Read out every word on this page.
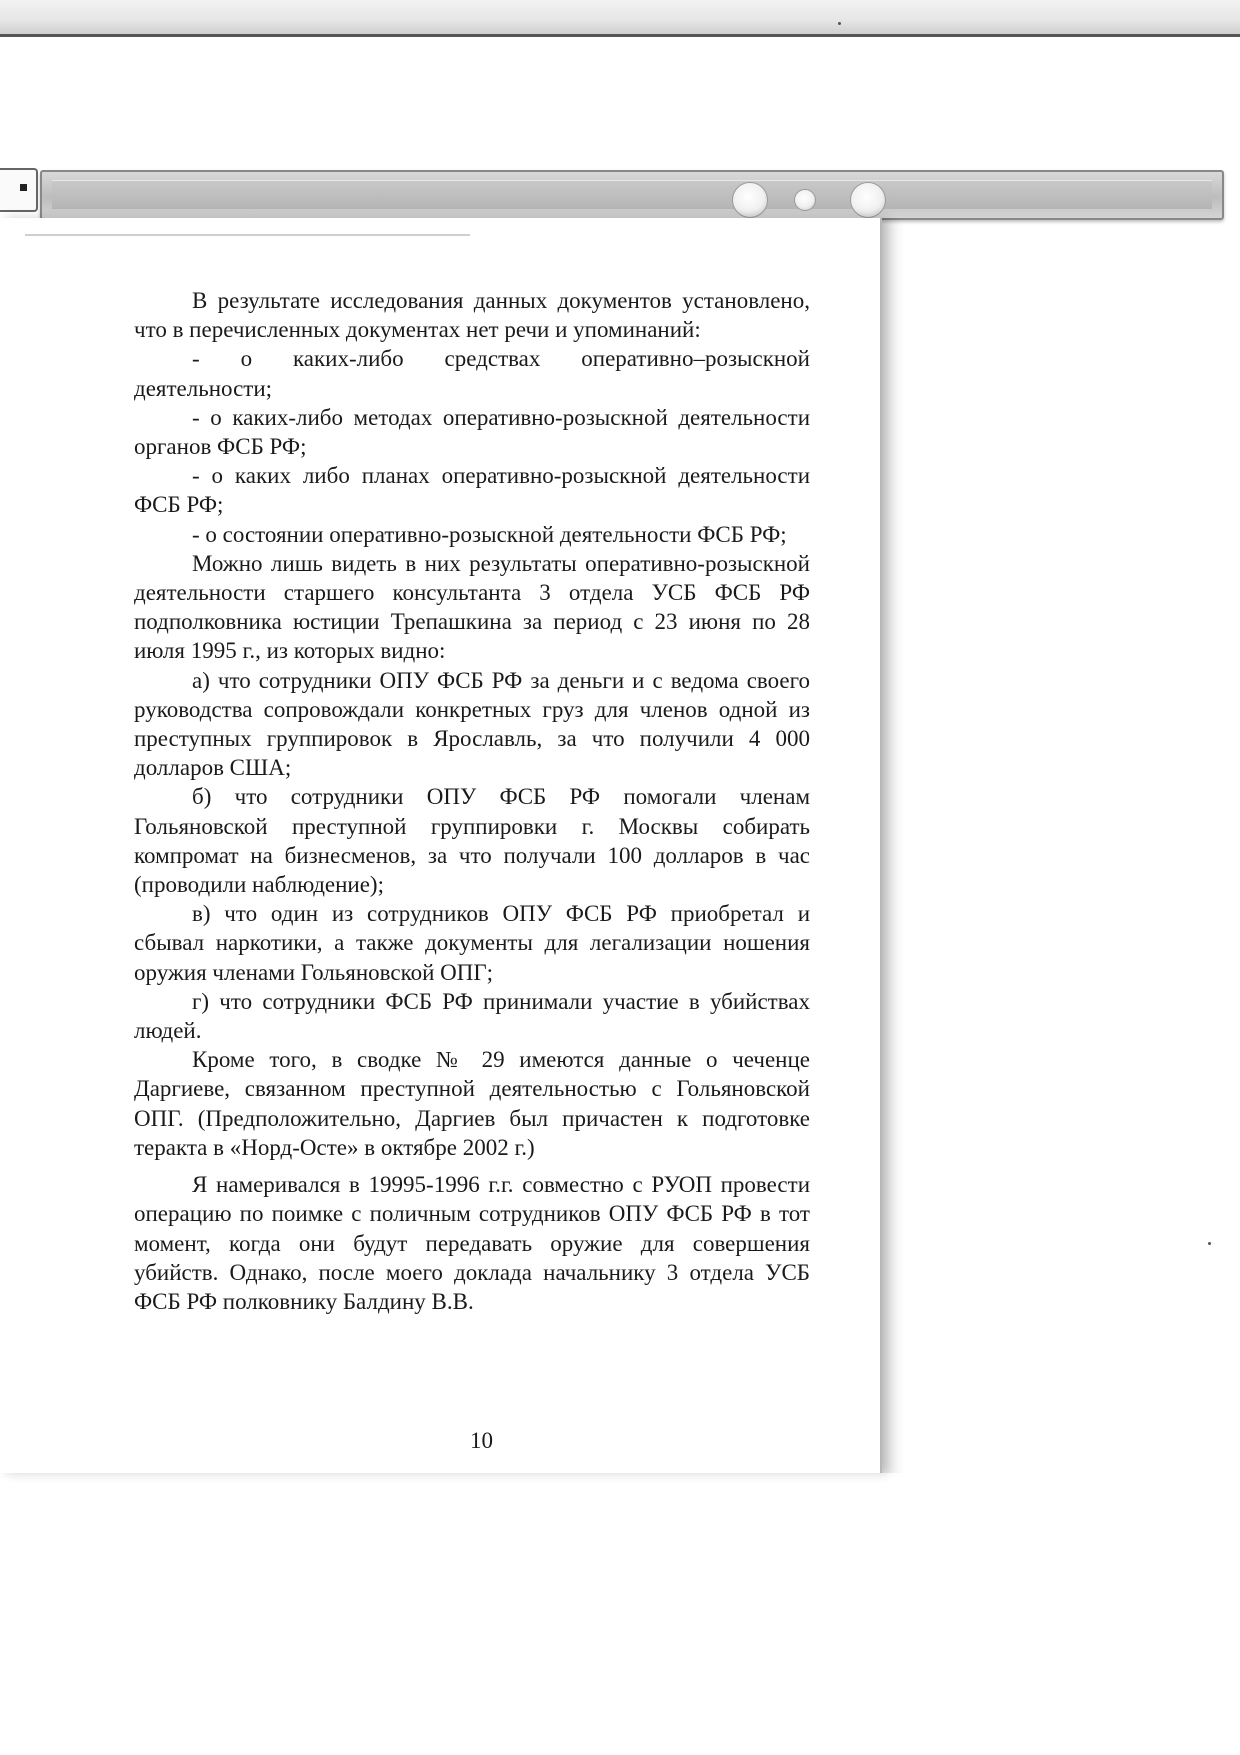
В результате исследования данных документов установлено, что в перечисленных документах нет речи и упоминаний:

- о каких-либо средствах оперативно–розыскной деятельности;

- о каких-либо методах оперативно-розыскной деятельности органов ФСБ РФ;

- о каких либо планах оперативно-розыскной деятельности ФСБ РФ;

- о состоянии оперативно-розыскной деятельности ФСБ РФ;

Можно лишь видеть в них результаты оперативно-розыскной деятельности старшего консультанта 3 отдела УСБ ФСБ РФ подполковника юстиции Трепашкина за период с 23 июня по 28 июля 1995 г., из которых видно:

а) что сотрудники ОПУ ФСБ РФ за деньги и с ведома своего руководства сопровождали конкретных груз для членов одной из преступных группировок в Ярославль, за что получили 4 000 долларов США;

б) что сотрудники ОПУ ФСБ РФ помогали членам Гольяновской преступной группировки г. Москвы собирать компромат на бизнесменов, за что получали 100 долларов в час (проводили наблюдение);

в) что один из сотрудников ОПУ ФСБ РФ приобретал и сбывал наркотики, а также документы для легализации ношения оружия членами Гольяновской ОПГ;

г) что сотрудники ФСБ РФ принимали участие в убийствах людей.

Кроме того, в сводке № 29 имеются данные о чеченце Даргиеве, связанном преступной деятельностью с Гольяновской ОПГ. (Предположительно, Даргиев был причастен к подготовке теракта в «Норд-Осте» в октябре 2002 г.)

Я намеривался в 19995-1996 г.г. совместно с РУОП провести операцию по поимке с поличным сотрудников ОПУ ФСБ РФ в тот момент, когда они будут передавать оружие для совершения убийств. Однако, после моего доклада начальнику 3 отдела УСБ ФСБ РФ полковнику Балдину В.В.

10
